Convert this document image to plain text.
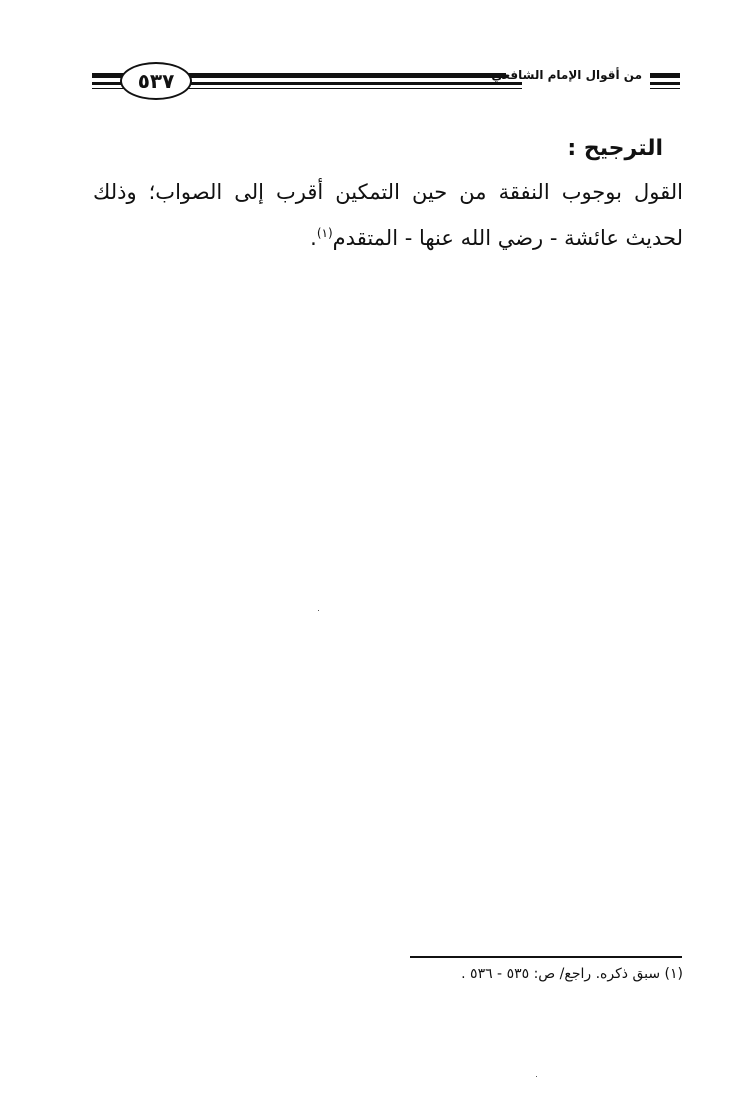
٥٣٧	من أقوال الإمام الشافعي
الترجيح :
القول بوجوب النفقة من حين التمكين أقرب إلى الصواب؛ وذلك لحديث عائشة - رضي الله عنها - المتقدم$^{(١)}$.
(١) سبق ذكره. راجع/ ص: ٥٣٥ - ٥٣٦ .
